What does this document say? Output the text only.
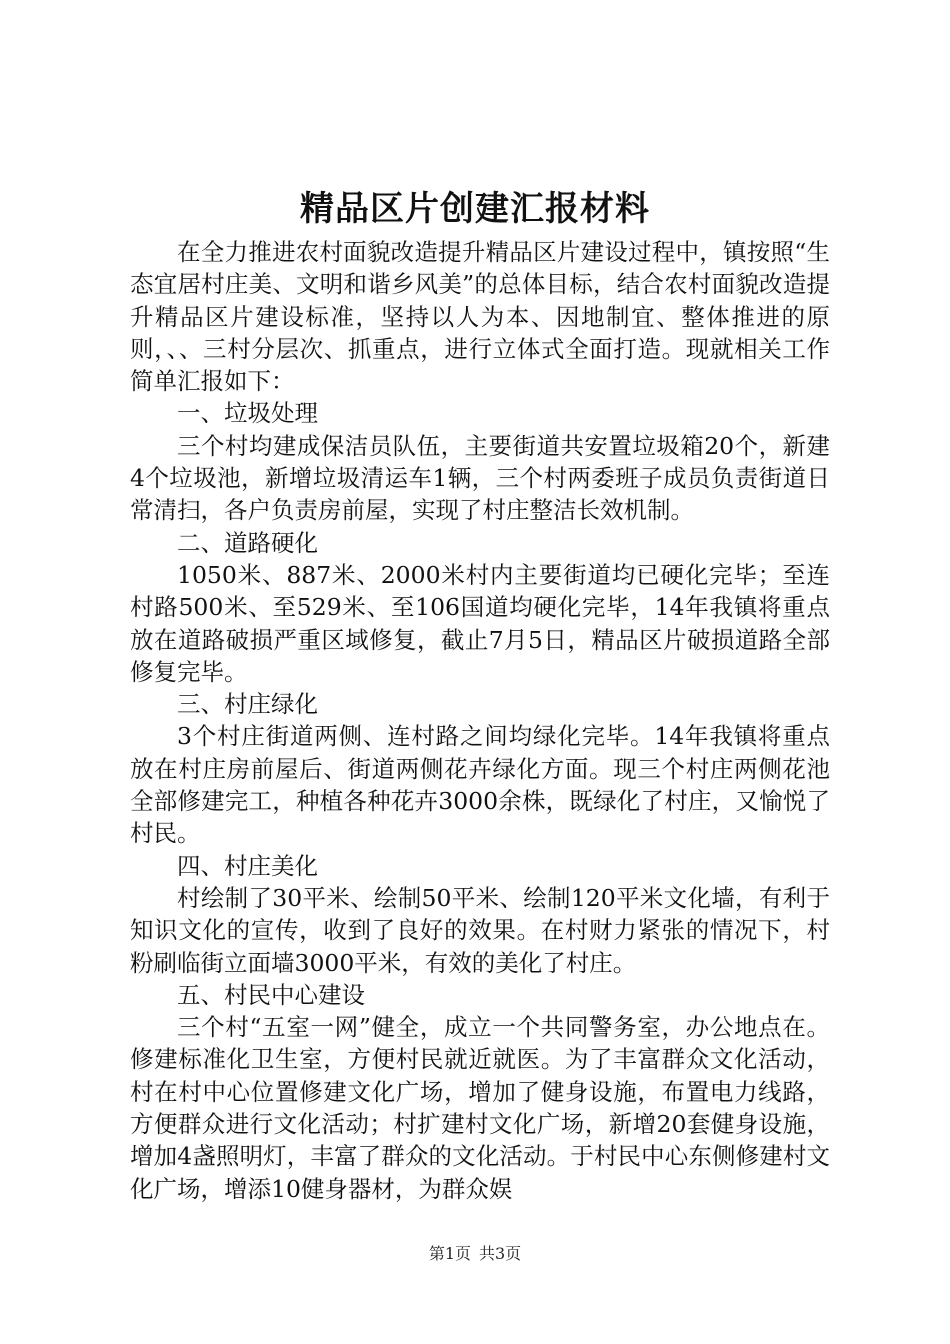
精品区片创建汇报材料

在全力推进农村面貌改造提升精品区片建设过程中，镇按照“生态宜居村庄美、文明和谐乡风美”的总体目标，结合农村面貌改造提升精品区片建设标准，坚持以人为本、因地制宜、整体推进的原则，、、三村分层次、抓重点，进行立体式全面打造。现就相关工作简单汇报如下：

一、垃圾处理

三个村均建成保洁员队伍，主要街道共安置垃圾箱20个，新建4个垃圾池，新增垃圾清运车1辆，三个村两委班子成员负责街道日常清扫，各户负责房前屋，实现了村庄整洁长效机制。

二、道路硬化

1050米、887米、2000米村内主要街道均已硬化完毕；至连村路500米、至529米、至106国道均硬化完毕，14年我镇将重点放在道路破损严重区域修复，截止7月5日，精品区片破损道路全部修复完毕。

三、村庄绿化

3个村庄街道两侧、连村路之间均绿化完毕。14年我镇将重点放在村庄房前屋后、街道两侧花卉绿化方面。现三个村庄两侧花池全部修建完工，种植各种花卉3000余株，既绿化了村庄，又愉悦了村民。

四、村庄美化

村绘制了30平米、绘制50平米、绘制120平米文化墙，有利于知识文化的宣传，收到了良好的效果。在村财力紧张的情况下，村粉刷临街立面墙3000平米，有效的美化了村庄。

五、村民中心建设

三个村“五室一网”健全，成立一个共同警务室，办公地点在。修建标准化卫生室，方便村民就近就医。为了丰富群众文化活动，村在村中心位置修建文化广场，增加了健身设施，布置电力线路，方便群众进行文化活动；村扩建村文化广场，新增20套健身设施，增加4盏照明灯，丰富了群众的文化活动。于村民中心东侧修建村文化广场，增添10健身器材，为群众娱

第1页 共3页
